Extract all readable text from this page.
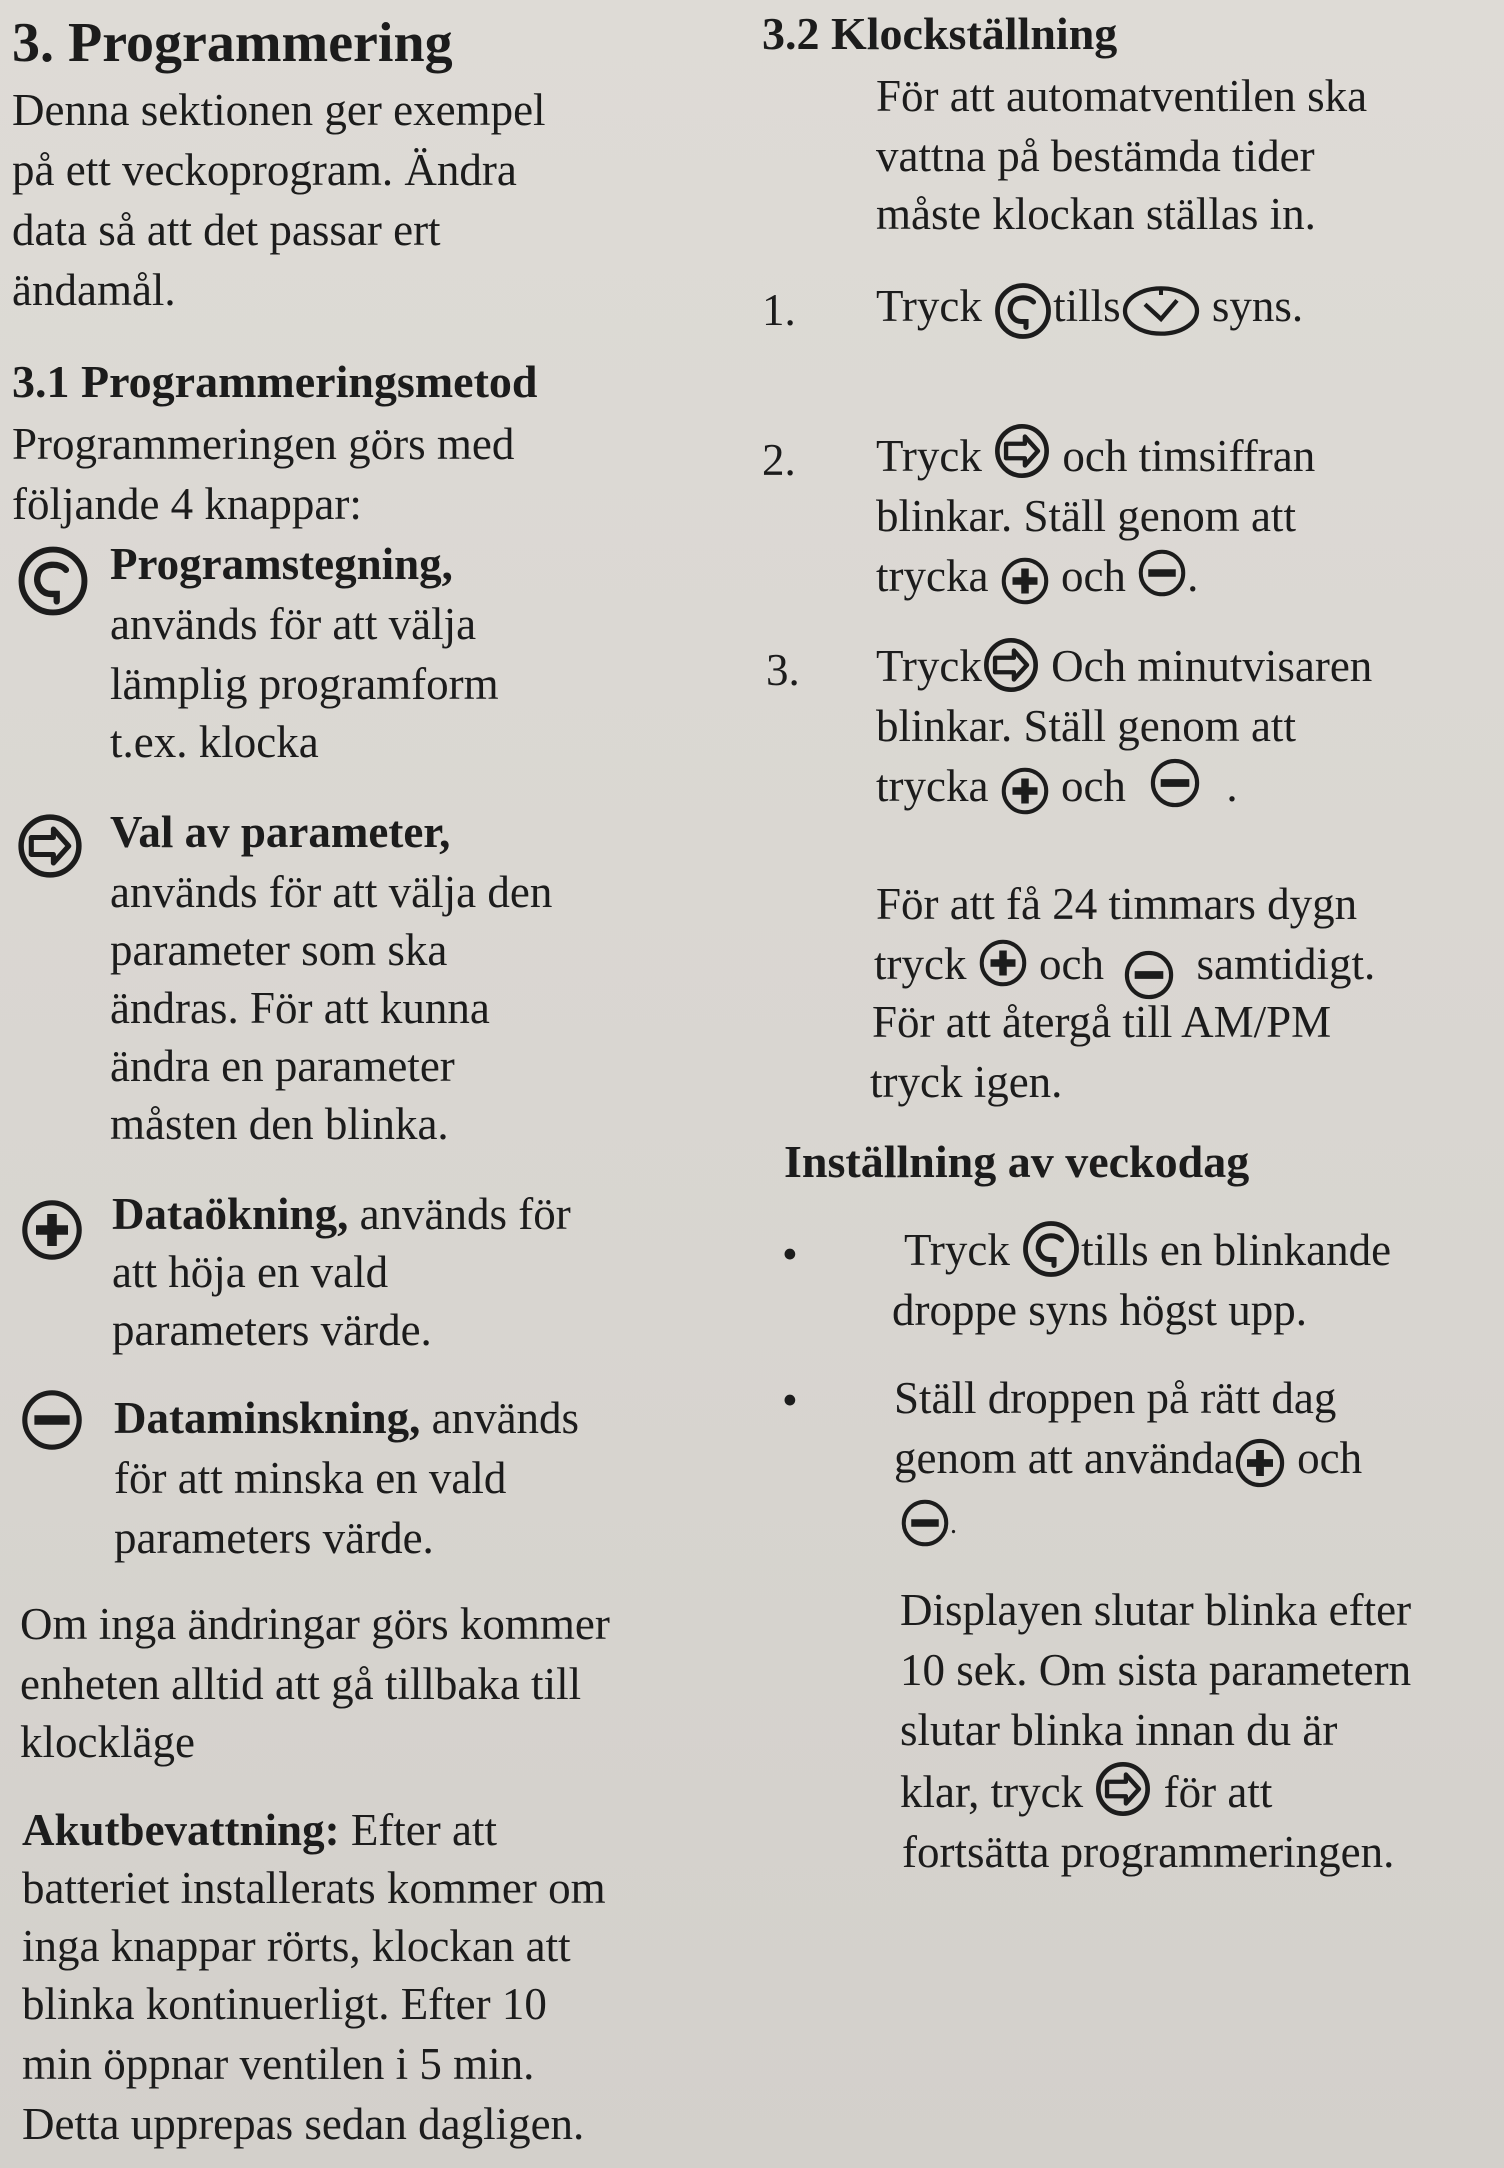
3. Programmering
Denna sektionen ger exempel
på ett veckoprogram. Ändra
data så att det passar ert
ändamål.
3.1 Programmeringsmetod
Programmeringen görs med
följande 4 knappar:
Programstegning,
används för att välja
lämplig programform
t.ex. klocka
Val av parameter,
används för att välja den
parameter som ska
ändras. För att kunna
ändra en parameter
måsten den blinka.
Dataökning, används för
att höja en vald
parameters värde.
Dataminskning, används
för att minska en vald
parameters värde.
Om inga ändringar görs kommer
enheten alltid att gå tillbaka till
klockläge
Akutbevattning: Efter att
batteriet installerats kommer om
inga knappar rörts, klockan att
blinka kontinuerligt. Efter 10
min öppnar ventilen i 5 min.
Detta upprepas sedan dagligen.
3.2 Klockställning
För att automatventilen ska
vattna på bestämda tider
måste klockan ställas in.
1. Tryck tills syns.
2. Tryck och timsiffran
blinkar. Ställ genom att
trycka och .
3. Tryck Och minutvisaren
blinkar. Ställ genom att
trycka och .
För att få 24 timmars dygn
tryck och samtidigt.
För att återgå till AM/PM
tryck igen.
Inställning av veckodag
• Tryck tills en blinkande
droppe syns högst upp.
• Ställ droppen på rätt dag
genom att använda och
.
Displayen slutar blinka efter
10 sek. Om sista parametern
slutar blinka innan du är
klar, tryck för att
fortsätta programmeringen.
